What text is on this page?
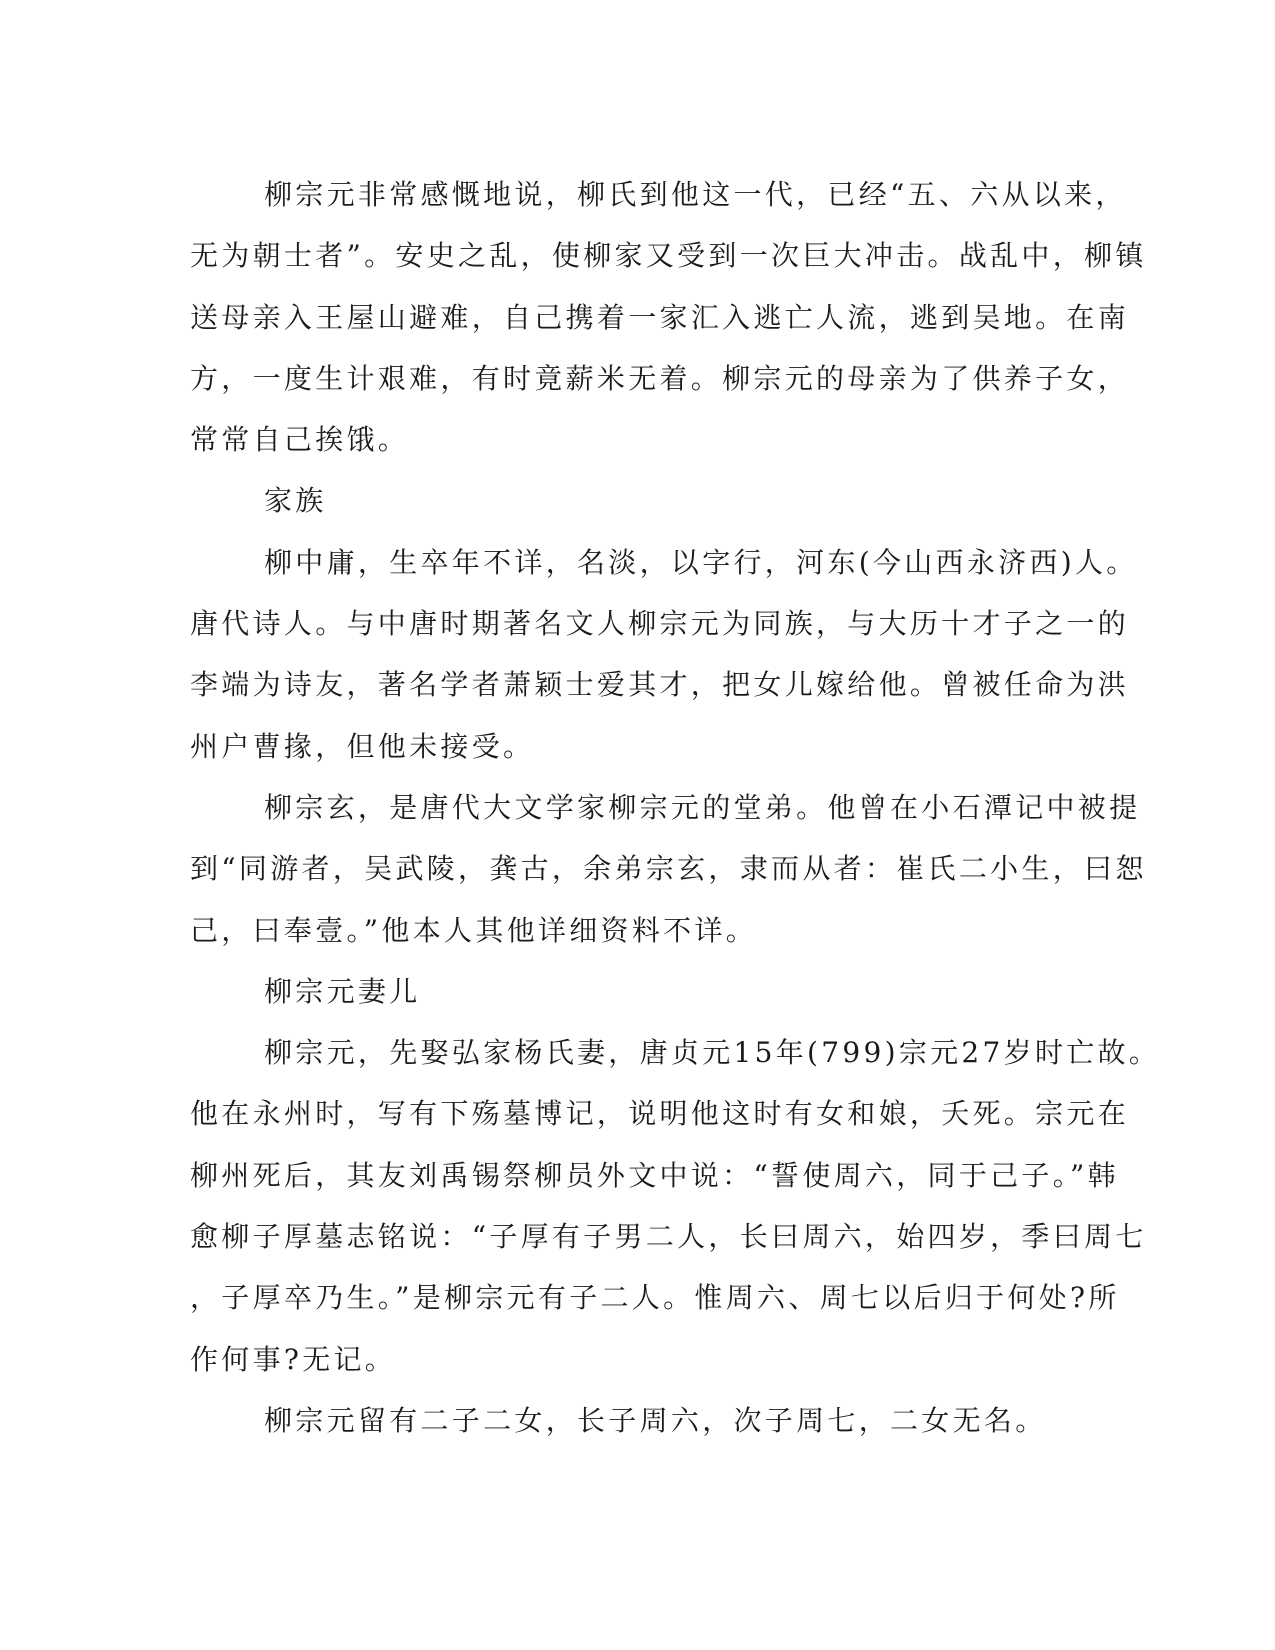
柳宗元非常感慨地说，柳氏到他这一代，已经“五、六从以来，
无为朝士者”。安史之乱，使柳家又受到一次巨大冲击。战乱中，柳镇
送母亲入王屋山避难，自己携着一家汇入逃亡人流，逃到吴地。在南
方，一度生计艰难，有时竟薪米无着。柳宗元的母亲为了供养子女，
常常自己挨饿。
家族
柳中庸，生卒年不详，名淡，以字行，河东(今山西永济西)人。
唐代诗人。与中唐时期著名文人柳宗元为同族，与大历十才子之一的
李端为诗友，著名学者萧颖士爱其才，把女儿嫁给他。曾被任命为洪
州户曹掾，但他未接受。
柳宗玄，是唐代大文学家柳宗元的堂弟。他曾在小石潭记中被提
到“同游者，吴武陵，龚古，余弟宗玄，隶而从者：崔氏二小生，曰恕
己，曰奉壹。”他本人其他详细资料不详。
柳宗元妻儿
柳宗元，先娶弘家杨氏妻，唐贞元15年(799)宗元27岁时亡故。
他在永州时，写有下殇墓博记，说明他这时有女和娘，夭死。宗元在
柳州死后，其友刘禹锡祭柳员外文中说：“誓使周六，同于己子。”韩
愈柳子厚墓志铭说：“子厚有子男二人，长曰周六，始四岁，季曰周七
，子厚卒乃生。”是柳宗元有子二人。惟周六、周七以后归于何处?所
作何事?无记。
柳宗元留有二子二女，长子周六，次子周七，二女无名。
